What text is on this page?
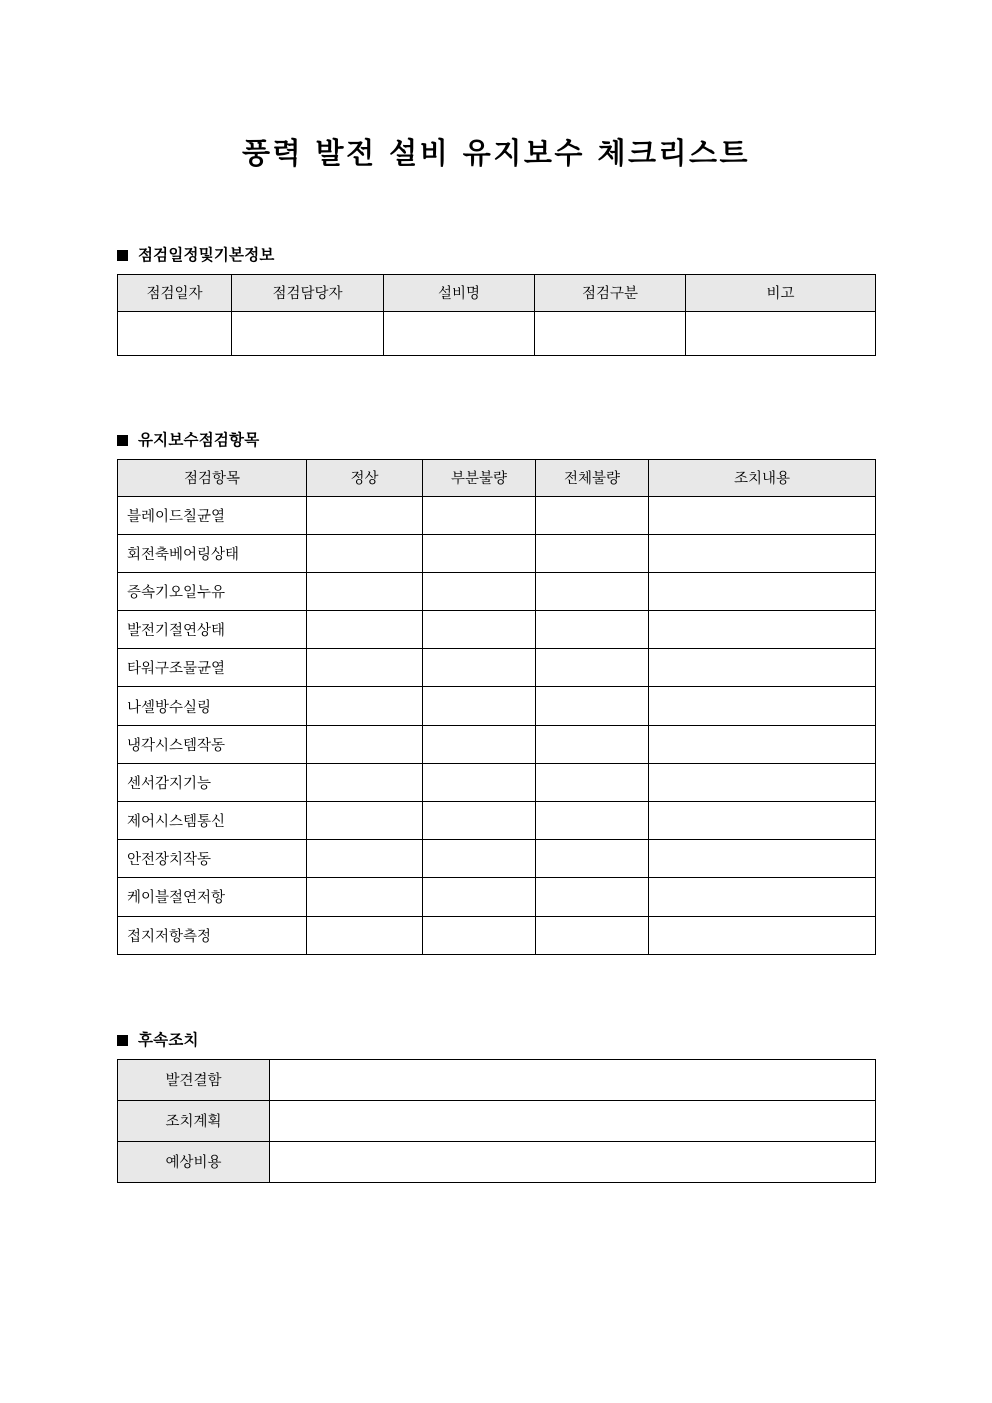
풍력 발전 설비 유지보수 체크리스트
점검일정및기본정보
점검일자	점검담당자	설비명	점검구분	비고

유지보수점검항목
점검항목	정상	부분불량	전체불량	조치내용
블레이드칠균열				
회전축베어링상태				
증속기오일누유				
발전기절연상태				
타워구조물균열				
나셀방수실링				
냉각시스템작동				
센서감지기능				
제어시스템통신				
안전장치작동				
케이블절연저항				
접지저항측정				
후속조치
발견결함	
조치계획	
예상비용	
